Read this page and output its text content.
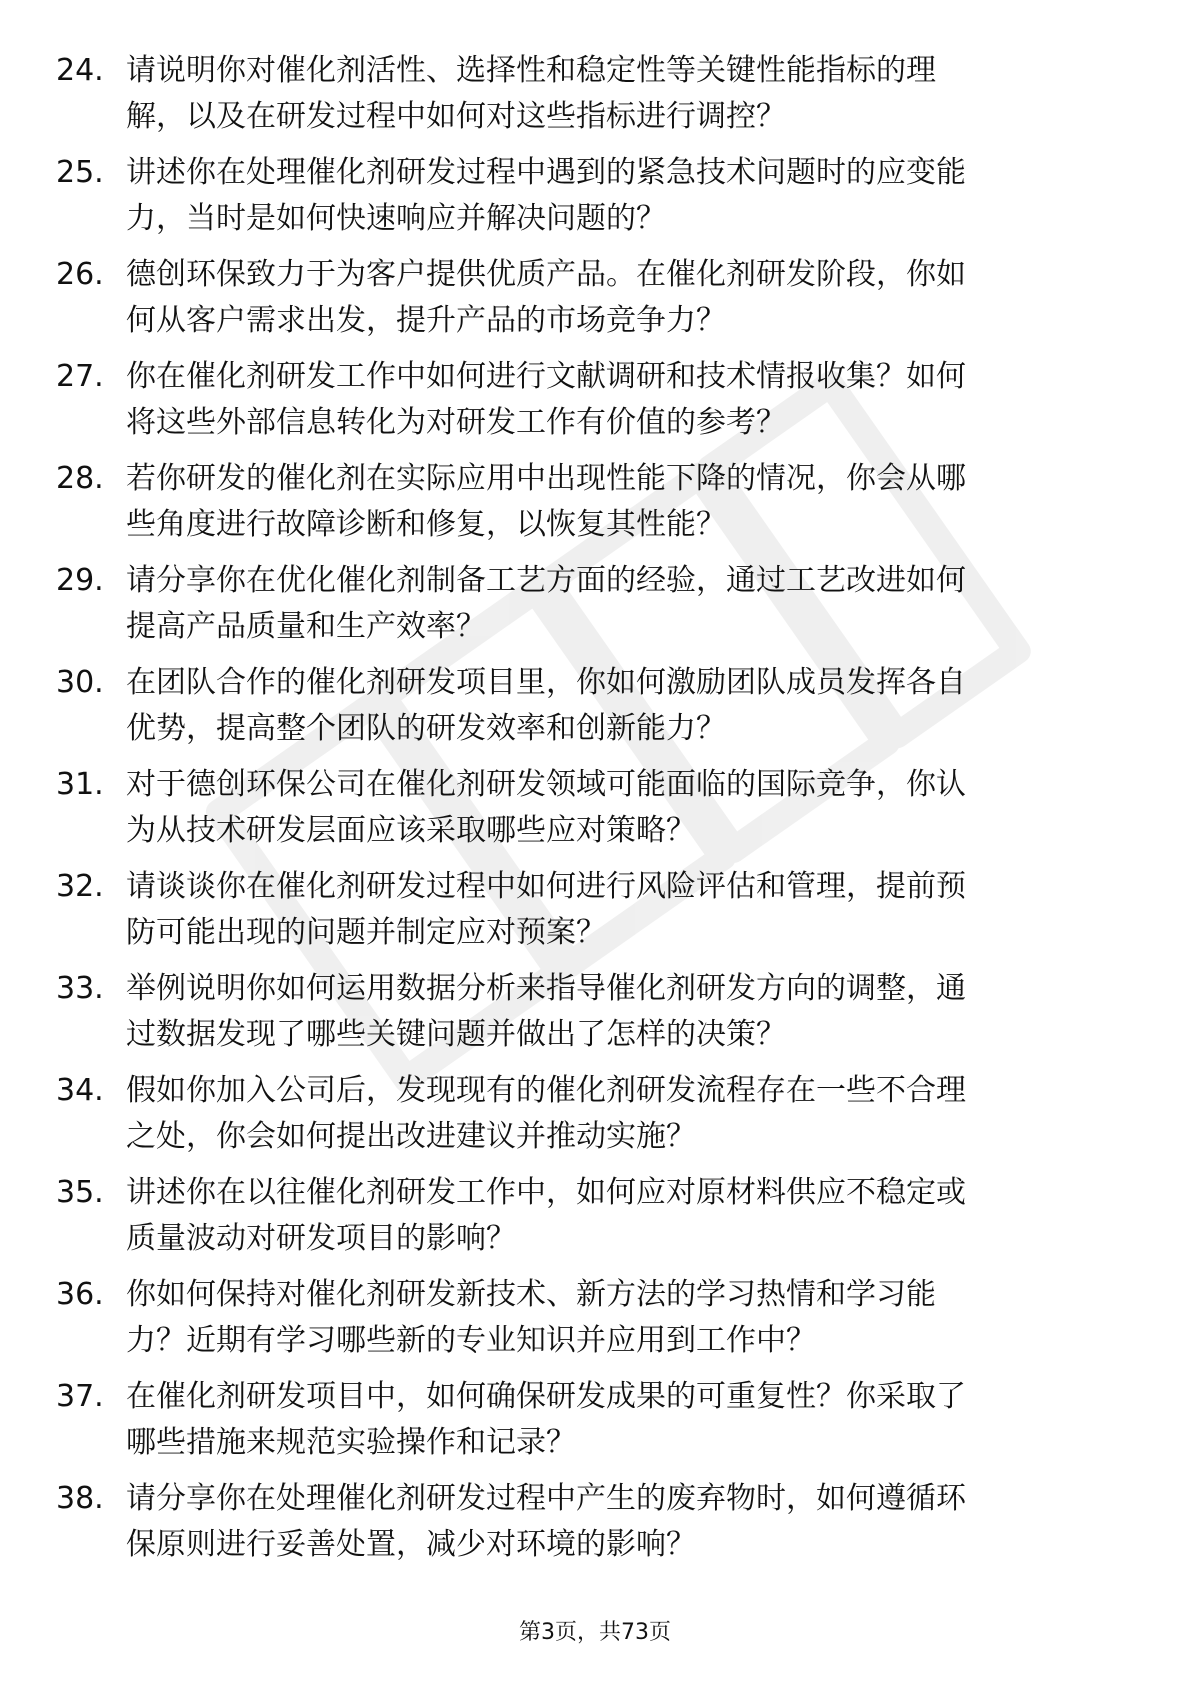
24. 请说明你对催化剂活性、选择性和稳定性等关键性能指标的理
解，以及在研发过程中如何对这些指标进行调控？
25. 讲述你在处理催化剂研发过程中遇到的紧急技术问题时的应变能
力，当时是如何快速响应并解决问题的？
26. 德创环保致力于为客户提供优质产品。在催化剂研发阶段，你如
何从客户需求出发，提升产品的市场竞争力？
27. 你在催化剂研发工作中如何进行文献调研和技术情报收集？如何
将这些外部信息转化为对研发工作有价值的参考？
28. 若你研发的催化剂在实际应用中出现性能下降的情况，你会从哪
些角度进行故障诊断和修复，以恢复其性能？
29. 请分享你在优化催化剂制备工艺方面的经验，通过工艺改进如何
提高产品质量和生产效率？
30. 在团队合作的催化剂研发项目里，你如何激励团队成员发挥各自
优势，提高整个团队的研发效率和创新能力？
31. 对于德创环保公司在催化剂研发领域可能面临的国际竞争，你认
为从技术研发层面应该采取哪些应对策略？
32. 请谈谈你在催化剂研发过程中如何进行风险评估和管理，提前预
防可能出现的问题并制定应对预案？
33. 举例说明你如何运用数据分析来指导催化剂研发方向的调整，通
过数据发现了哪些关键问题并做出了怎样的决策？
34. 假如你加入公司后，发现现有的催化剂研发流程存在一些不合理
之处，你会如何提出改进建议并推动实施？
35. 讲述你在以往催化剂研发工作中，如何应对原材料供应不稳定或
质量波动对研发项目的影响？
36. 你如何保持对催化剂研发新技术、新方法的学习热情和学习能
力？近期有学习哪些新的专业知识并应用到工作中？
37. 在催化剂研发项目中，如何确保研发成果的可重复性？你采取了
哪些措施来规范实验操作和记录？
38. 请分享你在处理催化剂研发过程中产生的废弃物时，如何遵循环
保原则进行妥善处置，减少对环境的影响？
第3页，共73页
